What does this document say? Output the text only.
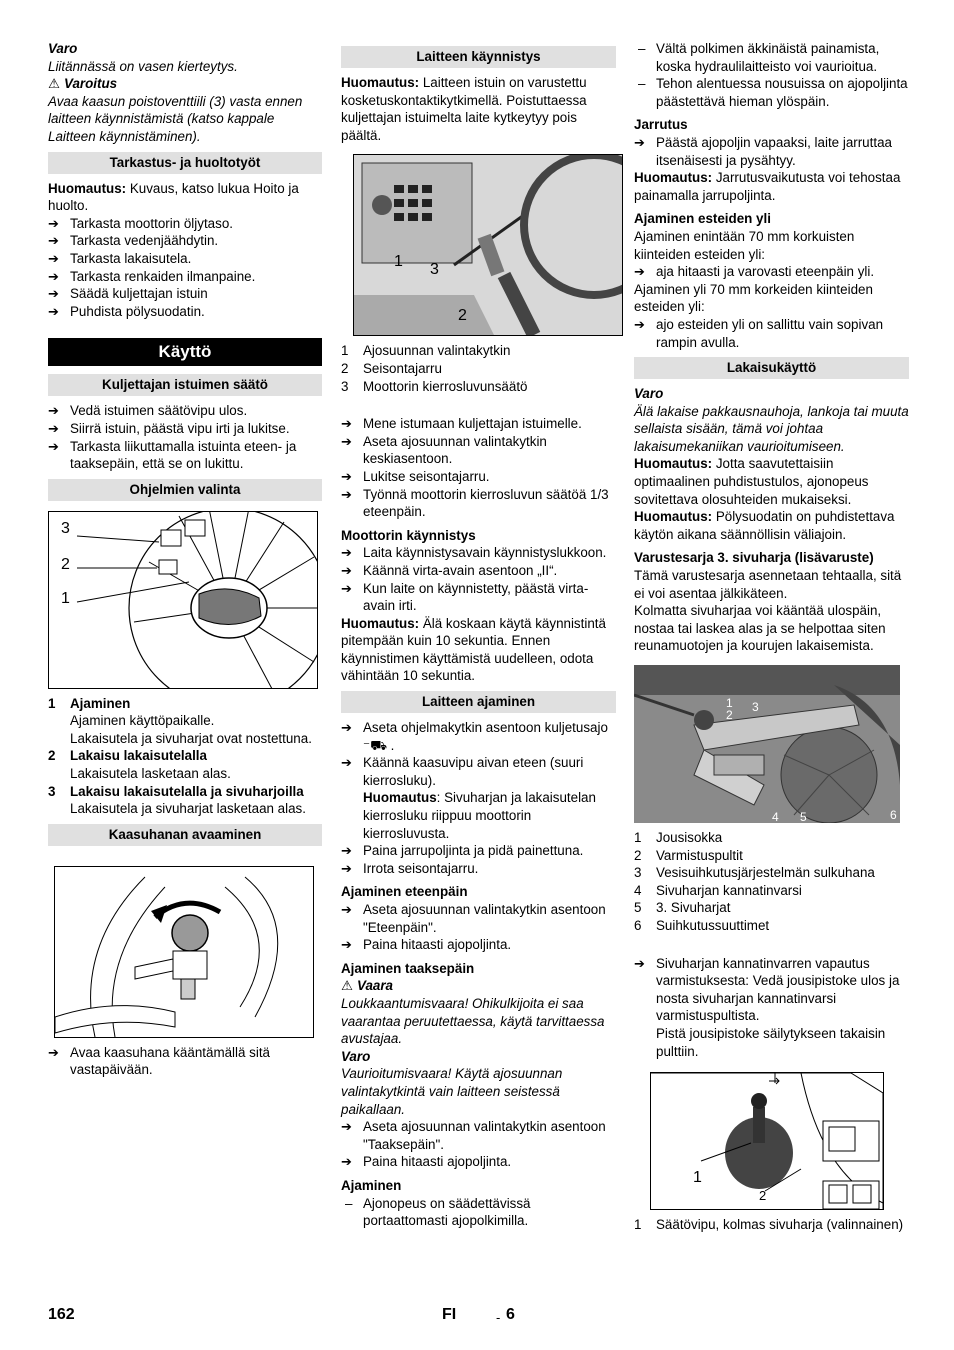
Varo

Liitännässä on vasen kierteytys.

⚠ Varoitus

Avaa kaasun poistoventtiili (3) vasta ennen laitteen käynnistämistä (katso kappale Laitteen käynnistäminen).

Tarkastus- ja huoltotyöt

Huomautus: Kuvaus, katso lukua Hoito ja huolto.

➔ Tarkasta moottorin öljytaso.

➔ Tarkasta vedenjäähdytin.

➔ Tarkasta lakaisutela.

➔ Tarkasta renkaiden ilmanpaine.

➔ Säädä kuljettajan istuin

➔ Puhdista pölysuodatin.

Käyttö
Kuljettajan istuimen säätö

➔ Vedä istuimen säätövipu ulos.

➔ Siirrä istuin, päästä vipu irti ja lukitse.

➔ Tarkasta liikuttamalla istuinta eteen- ja taaksepäin, että se on lukittu.

Ohjelmien valinta
3
2
1
1	Ajaminen

Ajaminen käyttöpaikalle.

Lakaisutela ja sivuharjat ovat nostettuna.

2	Lakaisu lakaisutelalla

Lakaisutela lasketaan alas.

3	Lakaisu lakaisutelalla ja sivuharjoilla

Lakaisutela ja sivuharjat lasketaan alas.

Kaasuhanan avaaminen

➔ Avaa kaasuhana kääntämällä sitä vastapäivään.

Laitteen käynnistys

Huomautus: Laitteen istuin on varustettu kosketuskontaktikytkimellä. Poistuttaessa kuljettajan istuimelta laite kytkeytyy pois päältä.

1 3
2
1	Ajosuunnan valintakytkin
2	Seisontajarru
3	Moottorin kierrosluvunsäätö

➔ Mene istumaan kuljettajan istuimelle.

➔ Aseta ajosuunnan valintakytkin keskiasentoon.

➔ Lukitse seisontajarru.

➔ Työnnä moottorin kierrosluvun säätöä 1/3 eteenpäin.

Moottorin käynnistys

➔ Laita käynnistysavain käynnistyslukkoon.

➔ Käännä virta-avain asentoon „II“.

➔ Kun laite on käynnistetty, päästä virta-avain irti.

Huomautus: Älä koskaan käytä käynnistintä pitempään kuin 10 sekuntia. Ennen käynnistimen käyttämistä uudelleen, odota vähintään 10 sekuntia.

Laitteen ajaminen

➔ Aseta ohjelmakytkin asentoon kuljetusajo ⁻⛟ .

➔ Käännä kaasuvipu aivan eteen (suuri kierrosluku).

Huomautus: Sivuharjan ja lakaisutelan kierrosluku riippuu moottorin kierrosluvusta.

➔ Paina jarrupoljinta ja pidä painettuna.

➔ Irrota seisontajarru.

Ajaminen eteenpäin

➔ Aseta ajosuunnan valintakytkin asentoon "Eteenpäin".

➔ Paina hitaasti ajopoljinta.

Ajaminen taaksepäin

⚠ Vaara

Loukkaantumisvaara! Ohikulkijoita ei saa vaarantaa peruutettaessa, käytä tarvittaessa avustajaa.

Varo

Vaurioitumisvaara! Käytä ajosuunnan valintakytkintä vain laitteen seistessä paikallaan.

➔ Aseta ajosuunnan valintakytkin asentoon "Taaksepäin".

➔ Paina hitaasti ajopoljinta.

Ajaminen

– Ajonopeus on säädettävissä portaattomasti ajopolkimilla.

– Vältä polkimen äkkinäistä painamista, koska hydraulilaitteisto voi vaurioitua.

– Tehon alentuessa nousuissa on ajopoljinta päästettävä hieman ylöspäin.

Jarrutus

➔ Päästä ajopoljin vapaaksi, laite jarruttaa itsenäisesti ja pysähtyy.

Huomautus: Jarrutusvaikutusta voi tehostaa painamalla jarrupoljinta.

Ajaminen esteiden yli

Ajaminen enintään 70 mm korkuisten kiinteiden esteiden yli:

➔ aja hitaasti ja varovasti eteenpäin yli.

Ajaminen yli 70 mm korkeiden kiinteiden esteiden yli:

➔ ajo esteiden yli on sallittu vain sopivan rampin avulla.

Lakaisukäyttö

Varo

Älä lakaise pakkausnauhoja, lankoja tai muuta sellaista sisään, tämä voi johtaa lakaisumekaniikan vaurioitumiseen.

Huomautus: Jotta saavutettaisiin optimaalinen puhdistustulos, ajonopeus sovitettava olosuhteiden mukaiseksi.

Huomautus: Pölysuodatin on puhdistettava käytön aikana säännöllisin väliajoin.

Varustesarja 3. sivuharja (lisävaruste)

Tämä varustesarja asennetaan tehtaalla, sitä ei voi asentaa jälkikäteen.

Kolmatta sivuharjaa voi kääntää ulospäin, nostaa tai laskea alas ja se helpottaa siten reunamuotojen ja kourujen lakaisemista.

1
2
3
4 5	6
1	Jousisokka
2	Varmistuspultit
3	Vesisuihkutusjärjestelmän sulkuhana
4	Sivuharjan kannatinvarsi
5	3. Sivuharjat
6	Suihkutussuuttimet

➔ Sivuharjan kannatinvarren vapautus varmistuksesta: Vedä jousipistoke ulos ja nosta sivuharjan kannatinvarsi varmistuspultista.

Pistä jousipistoke säilytykseen takaisin pulttiin.

1
2
1	Säätövipu, kolmas sivuharja (valinnainen)
162	FI	- 6
